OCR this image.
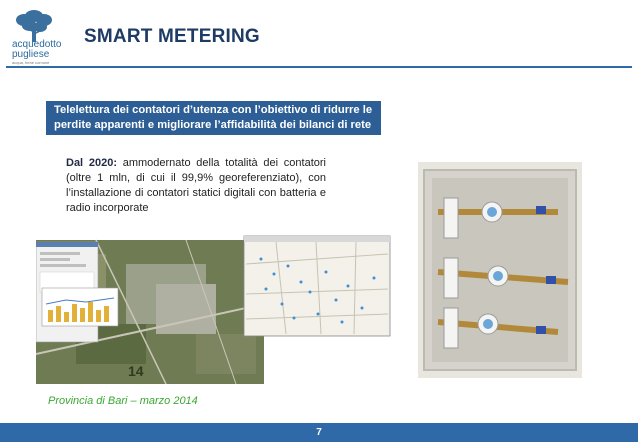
acquedotto
pugliese
acqua, bene comune
SMART METERING
Telelettura dei contatori d’utenza con l’obiettivo di ridurre le perdite apparenti e migliorare l’affidabilità dei bilanci di rete
Dal 2020: ammodernato della totalità dei contatori (oltre 1 mln, di cui il 99,9% georeferenziato), con l’installazione di contatori statici digitali con batteria e radio incorporate
14
Provincia di Bari – marzo 2014
7
